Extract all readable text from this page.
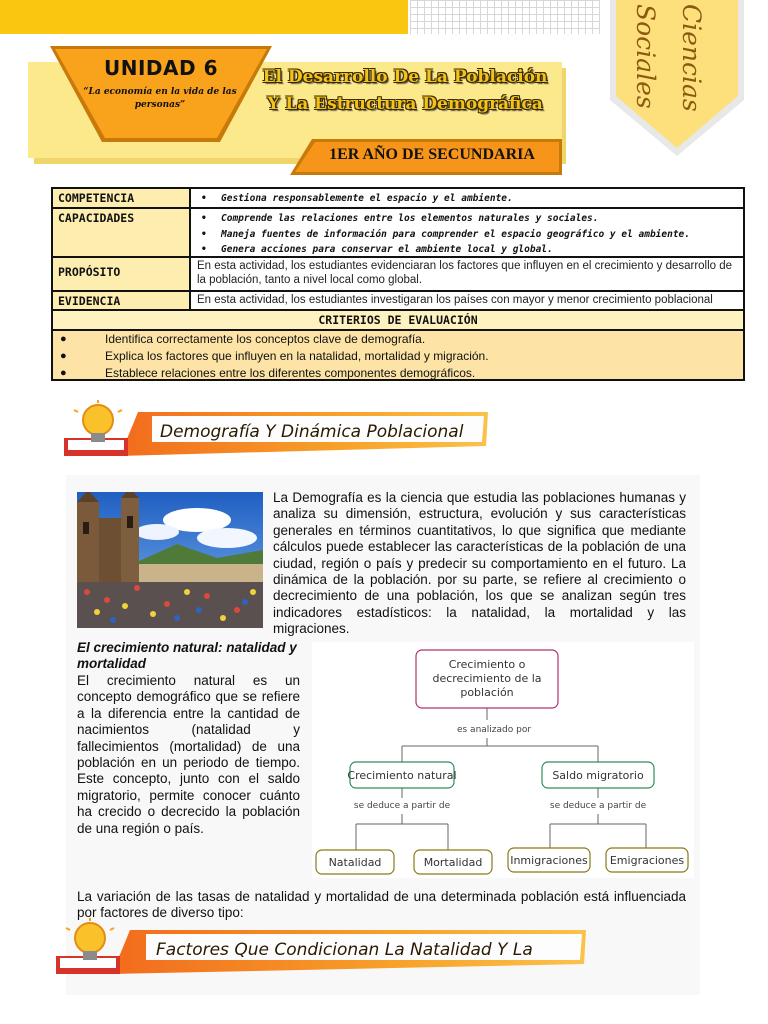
UNIDAD 6
“La economía en la vida de las personas”
El Desarrollo De La Población Y La Estructura Demográfica
1ER AÑO DE SECUNDARIA
Ciencias
Sociales
COMPETENCIA	• Gestiona responsablemente el espacio y el ambiente.
CAPACIDADES	• Comprende las relaciones entre los elementos naturales y sociales.
• Maneja fuentes de información para comprender el espacio geográfico y el ambiente.
• Genera acciones para conservar el ambiente local y global.
PROPÓSITO	En esta actividad, los estudiantes evidenciaran los factores que influyen en el crecimiento y desarrollo de la población, tanto a nivel local como global.
EVIDENCIA	En esta actividad, los estudiantes investigaran los países con mayor y menor crecimiento poblacional
CRITERIOS DE EVALUACIÓN
●	Identifica correctamente los conceptos clave de demografía.
●	Explica los factores que influyen en la natalidad, mortalidad y migración.
●	Establece relaciones entre los diferentes componentes demográficos.
Demografía Y Dinámica Poblacional
La Demografía es la ciencia que estudia las poblaciones humanas y analiza su dimensión, estructura, evolución y sus características generales en términos cuantitativos, lo que significa que mediante cálculos puede establecer las características de la población de una ciudad, región o país y predecir su comportamiento en el futuro. La dinámica de la población. por su parte, se refiere al crecimiento o decrecimiento de una población, los que se analizan según tres indicadores estadísticos: la natalidad, la mortalidad y las migraciones.
El crecimiento natural: natalidad y mortalidad
El crecimiento natural es un concepto demográfico que se refiere a la diferencia entre la cantidad de nacimientos (natalidad y fallecimientos (mortalidad) de una población en un periodo de tiempo. Este concepto, junto con el saldo migratorio, permite conocer cuánto ha crecido o decrecido la población de una región o país.
Crecimiento o
decrecimiento de la
población
es analizado por
Crecimiento natural	Saldo migratorio
se deduce a partir de	se deduce a partir de
Natalidad	Mortalidad	Inmigraciones Emigraciones
La variación de las tasas de natalidad y mortalidad de una determinada población está influenciada por factores de diverso tipo:
Factores Que Condicionan La Natalidad Y La
